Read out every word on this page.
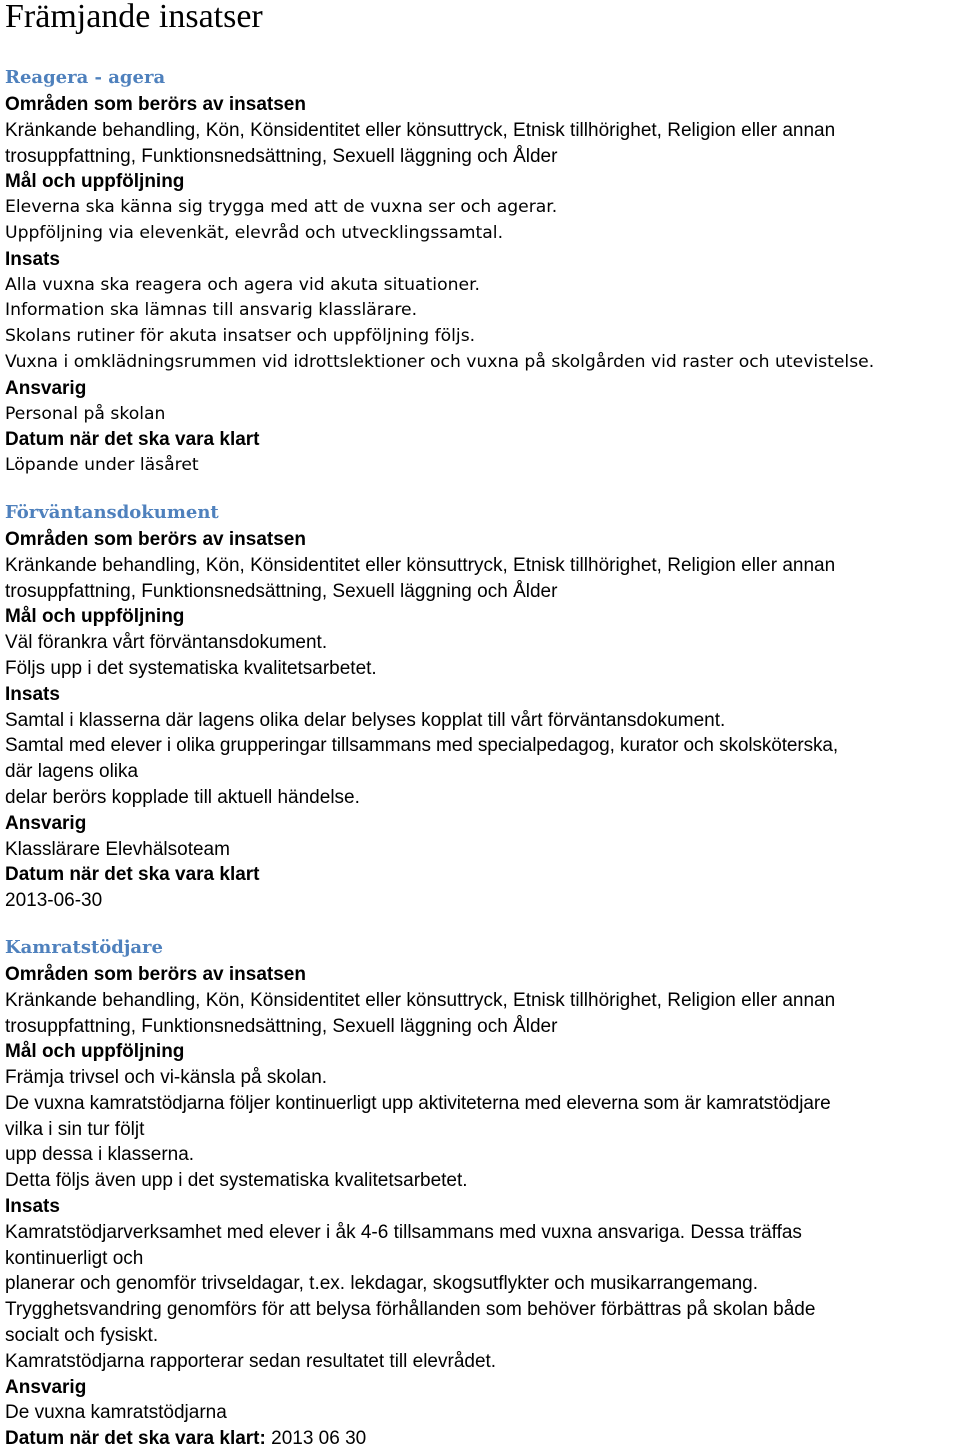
Främjande insatser
Reagera - agera
Områden som berörs av insatsen
Kränkande behandling, Kön, Könsidentitet eller könsuttryck, Etnisk tillhörighet, Religion eller annan
trosuppfattning, Funktionsnedsättning, Sexuell läggning och Ålder
Mål och uppföljning
Eleverna ska känna sig trygga med att de vuxna ser och agerar.
Uppföljning via elevenkät, elevråd och utvecklingssamtal.
Insats
Alla vuxna ska reagera och agera vid akuta situationer.
Information ska lämnas till ansvarig klasslärare.
Skolans rutiner för akuta insatser och uppföljning följs.
Vuxna i omklädningsrummen vid idrottslektioner och vuxna på skolgården vid raster och utevistelse.
Ansvarig
Personal på skolan
Datum när det ska vara klart
Löpande under läsåret
Förväntansdokument
Områden som berörs av insatsen
Kränkande behandling, Kön, Könsidentitet eller könsuttryck, Etnisk tillhörighet, Religion eller annan
trosuppfattning, Funktionsnedsättning, Sexuell läggning och Ålder
Mål och uppföljning
Väl förankra vårt förväntansdokument.
Följs upp i det systematiska kvalitetsarbetet.
Insats
Samtal i klasserna där lagens olika delar belyses kopplat till vårt förväntansdokument.
Samtal med elever i olika grupperingar tillsammans med specialpedagog, kurator och skolsköterska,
där lagens olika
delar berörs kopplade till aktuell händelse.
Ansvarig
Klasslärare Elevhälsoteam
Datum när det ska vara klart
2013-06-30
Kamratstödjare
Områden som berörs av insatsen
Kränkande behandling, Kön, Könsidentitet eller könsuttryck, Etnisk tillhörighet, Religion eller annan
trosuppfattning, Funktionsnedsättning, Sexuell läggning och Ålder
Mål och uppföljning
Främja trivsel och vi-känsla på skolan.
De vuxna kamratstödjarna följer kontinuerligt upp aktiviteterna med eleverna som är kamratstödjare
vilka i sin tur följt
upp dessa i klasserna.
Detta följs även upp i det systematiska kvalitetsarbetet.
Insats
Kamratstödjarverksamhet med elever i åk 4-6 tillsammans med vuxna ansvariga. Dessa träffas
kontinuerligt och
planerar och genomför trivseldagar, t.ex. lekdagar, skogsutflykter och musikarrangemang.
Trygghetsvandring genomförs för att belysa förhållanden som behöver förbättras på skolan både
socialt och fysiskt.
Kamratstödjarna rapporterar sedan resultatet till elevrådet.
Ansvarig
De vuxna kamratstödjarna
Datum när det ska vara klart: 2013 06 30
